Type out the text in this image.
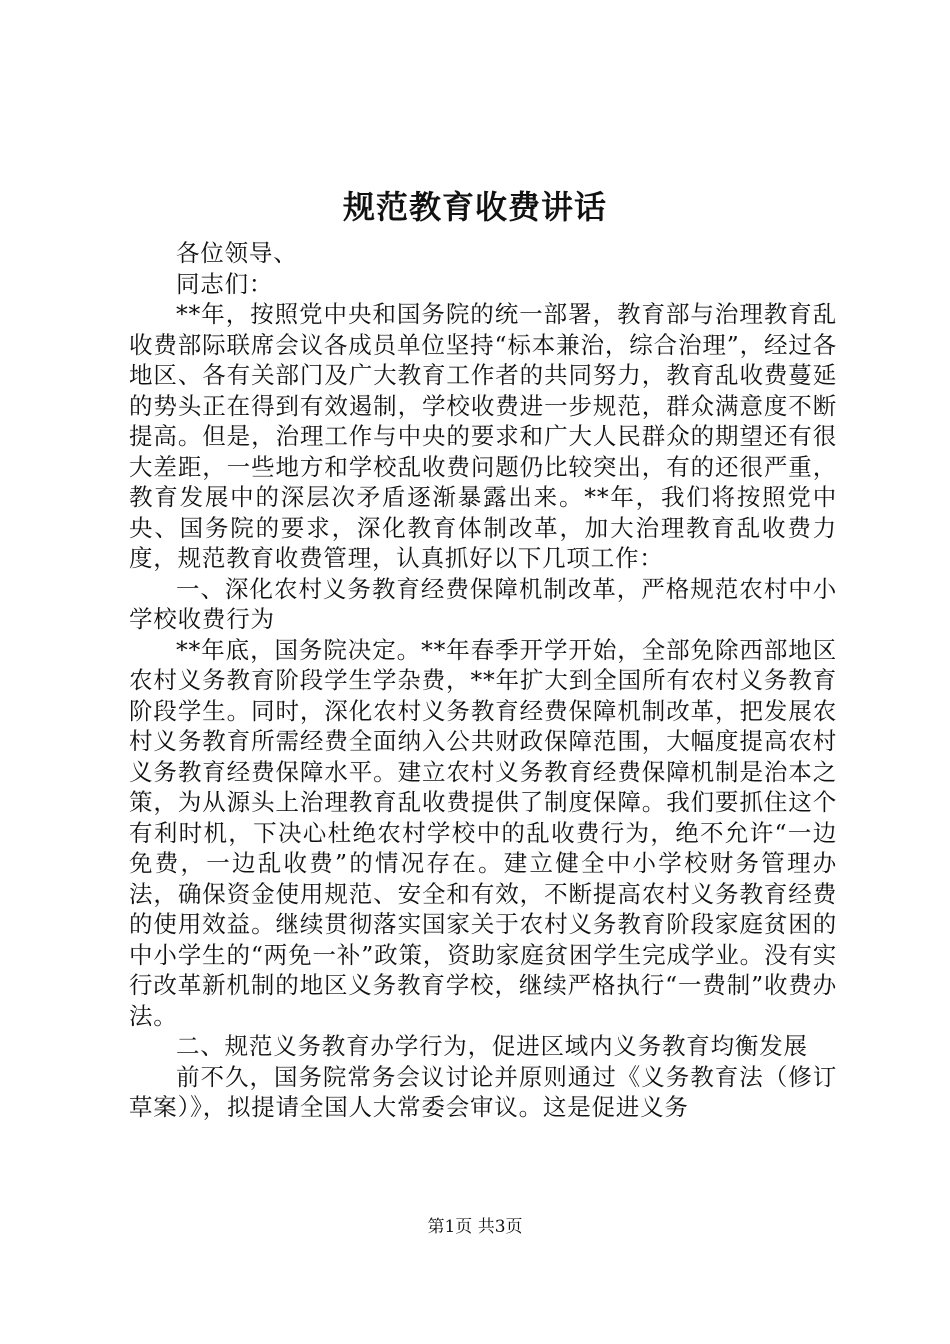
规范教育收费讲话

各位领导、

同志们：

**年，按照党中央和国务院的统一部署，教育部与治理教育乱收费部际联席会议各成员单位坚持“标本兼治，综合治理”，经过各地区、各有关部门及广大教育工作者的共同努力，教育乱收费蔓延的势头正在得到有效遏制，学校收费进一步规范，群众满意度不断提高。但是，治理工作与中央的要求和广大人民群众的期望还有很大差距，一些地方和学校乱收费问题仍比较突出，有的还很严重，教育发展中的深层次矛盾逐渐暴露出来。**年，我们将按照党中央、国务院的要求，深化教育体制改革，加大治理教育乱收费力度，规范教育收费管理，认真抓好以下几项工作：

一、深化农村义务教育经费保障机制改革，严格规范农村中小学校收费行为

**年底，国务院决定。**年春季开学开始，全部免除西部地区农村义务教育阶段学生学杂费，**年扩大到全国所有农村义务教育阶段学生。同时，深化农村义务教育经费保障机制改革，把发展农村义务教育所需经费全面纳入公共财政保障范围，大幅度提高农村义务教育经费保障水平。建立农村义务教育经费保障机制是治本之策，为从源头上治理教育乱收费提供了制度保障。我们要抓住这个有利时机，下决心杜绝农村学校中的乱收费行为，绝不允许“一边免费，一边乱收费”的情况存在。建立健全中小学校财务管理办法，确保资金使用规范、安全和有效，不断提高农村义务教育经费的使用效益。继续贯彻落实国家关于农村义务教育阶段家庭贫困的中小学生的“两免一补”政策，资助家庭贫困学生完成学业。没有实行改革新机制的地区义务教育学校，继续严格执行“一费制”收费办法。

二、规范义务教育办学行为，促进区域内义务教育均衡发展

前不久，国务院常务会议讨论并原则通过《义务教育法（修订草案）》，拟提请全国人大常委会审议。这是促进义务

第1页 共3页
